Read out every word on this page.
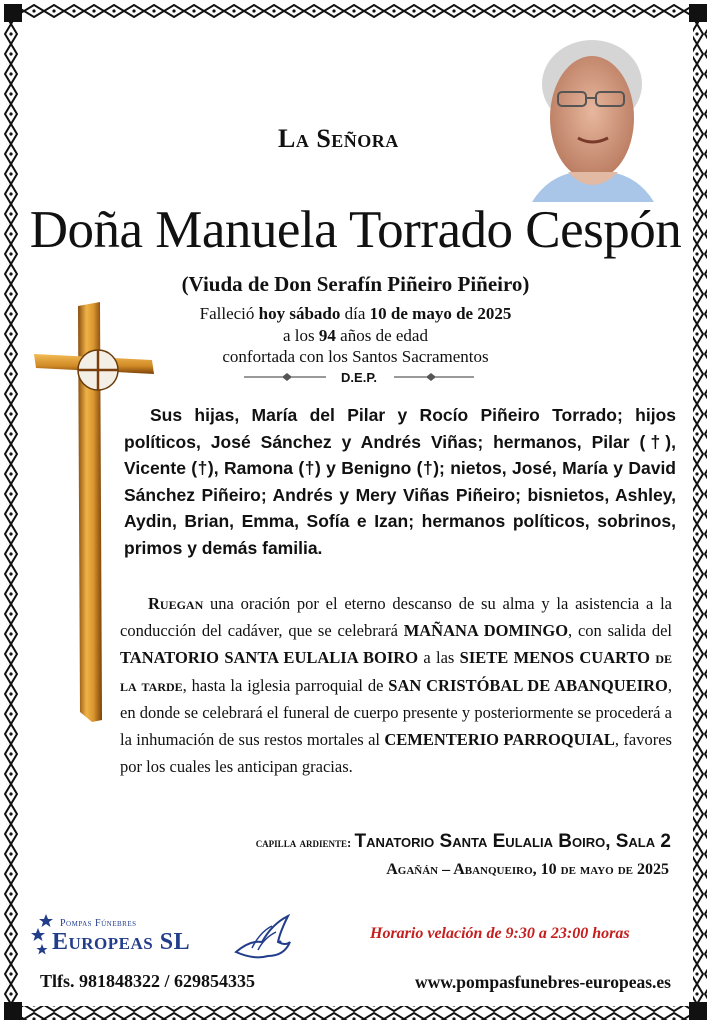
La Señora
Doña Manuela Torrado Cespón
(Viuda de Don Serafín Piñeiro Piñeiro)
Falleció hoy sábado día 10 de mayo de 2025
a los 94 años de edad
confortada con los Santos Sacramentos
D.E.P.
Sus hijas, María del Pilar y Rocío Piñeiro Torrado; hijos políticos, José Sánchez y Andrés Viñas; hermanos, Pilar (†), Vicente (†), Ramona (†) y Benigno (†); nietos, José, María y David Sánchez Piñeiro; Andrés y Mery Viñas Piñeiro; bisnietos, Ashley, Aydin, Brian, Emma, Sofía e Izan; hermanos políticos, sobrinos, primos y demás familia.
Ruegan una oración por el eterno descanso de su alma y la asistencia a la conducción del cadáver, que se celebrará MAÑANA DOMINGO, con salida del TANATORIO SANTA EULALIA BOIRO a las SIETE MENOS CUARTO de la tarde, hasta la iglesia parroquial de SAN CRISTÓBAL DE ABANQUEIRO, en donde se celebrará el funeral de cuerpo presente y posteriormente se procederá a la inhumación de sus restos mortales al CEMENTERIO PARROQUIAL, favores por los cuales les anticipan gracias.
capilla ardiente: Tanatorio Santa Eulalia Boiro, Sala 2
Agañán – Abanqueiro, 10 de mayo de 2025
Pompas Fúnebres
Europeas SL	Horario velación de 9:30 a 23:00 horas
Tlfs. 981848322 / 629854335	www.pompasfunebres-europeas.es
